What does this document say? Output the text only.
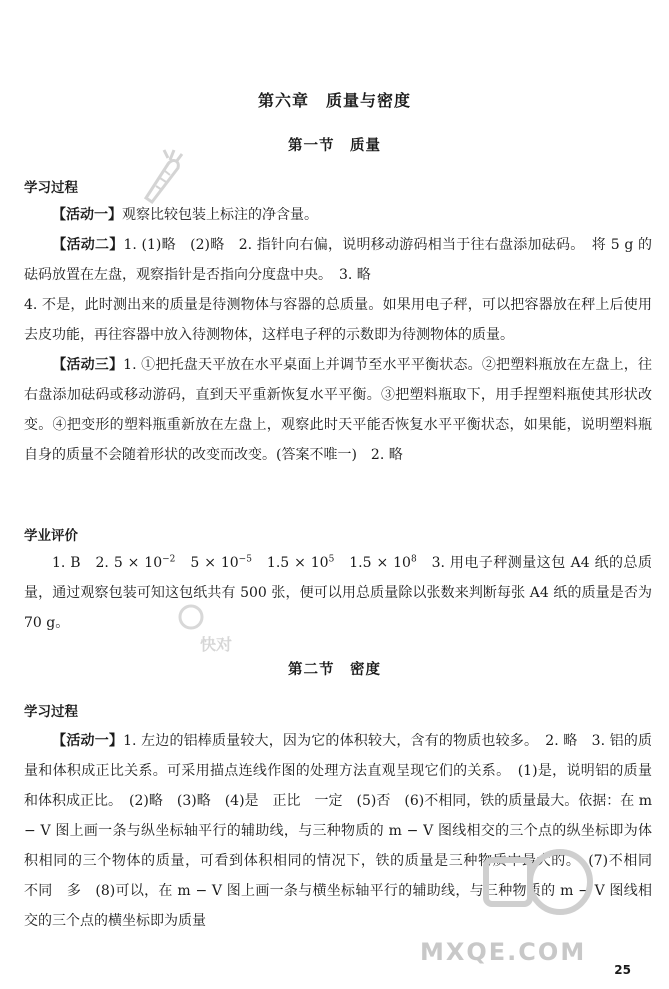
第六章　质量与密度
第一节　质量
学习过程
【活动一】观察比较包装上标注的净含量。
【活动二】1. (1)略　(2)略　2. 指针向右偏，说明移动游码相当于往右盘添加砝码。　将 5 g 的砝码放置在左盘，观察指针是否指向分度盘中央。　3. 略
4. 不是，此时测出来的质量是待测物体与容器的总质量。如果用电子秤，可以把容器放在秤上后使用去皮功能，再往容器中放入待测物体，这样电子秤的示数即为待测物体的质量。
【活动三】1. ①把托盘天平放在水平桌面上并调节至水平平衡状态。②把塑料瓶放在左盘上，往右盘添加砝码或移动游码，直到天平重新恢复水平平衡。③把塑料瓶取下，用手捏塑料瓶使其形状改变。④把变形的塑料瓶重新放在左盘上，观察此时天平能否恢复水平平衡状态，如果能，说明塑料瓶自身的质量不会随着形状的改变而改变。(答案不唯一)　2. 略
学业评价
1. B　2. $5 \times 10^{-2}$　 $5 \times 10^{-5}$　 $1.5 \times 10^5$　 $1.5 \times 10^8$　 3. 用电子秤测量这包 A4 纸的总质量，通过观察包装可知这包纸共有 500 张，便可以用总质量除以张数来判断每张 A4 纸的质量是否为 70 g。
第二节　密度
学习过程
【活动一】1. 左边的铝棒质量较大，因为它的体积较大，含有的物质也较多。　2. 略　3. 铝的质量和体积成正比关系。可采用描点连线作图的处理方法直观呈现它们的关系。　(1)是，说明铝的质量和体积成正比。　(2)略　(3)略　(4)是　正比　一定　(5)否　(6)不相同，铁的质量最大。依据：在 m − V 图上画一条与纵坐标轴平行的辅助线，与三种物质的 m − V 图线相交的三个点的纵坐标即为体积相同的三个物体的质量，可看到体积相同的情况下，铁的质量是三种物质中最大的。　(7)不相同　不同　多　(8)可以，在 m − V 图上画一条与横坐标轴平行的辅助线，与三种物质的 m − V 图线相交的三个点的横坐标即为质量
25
快对
MXQE.COM
